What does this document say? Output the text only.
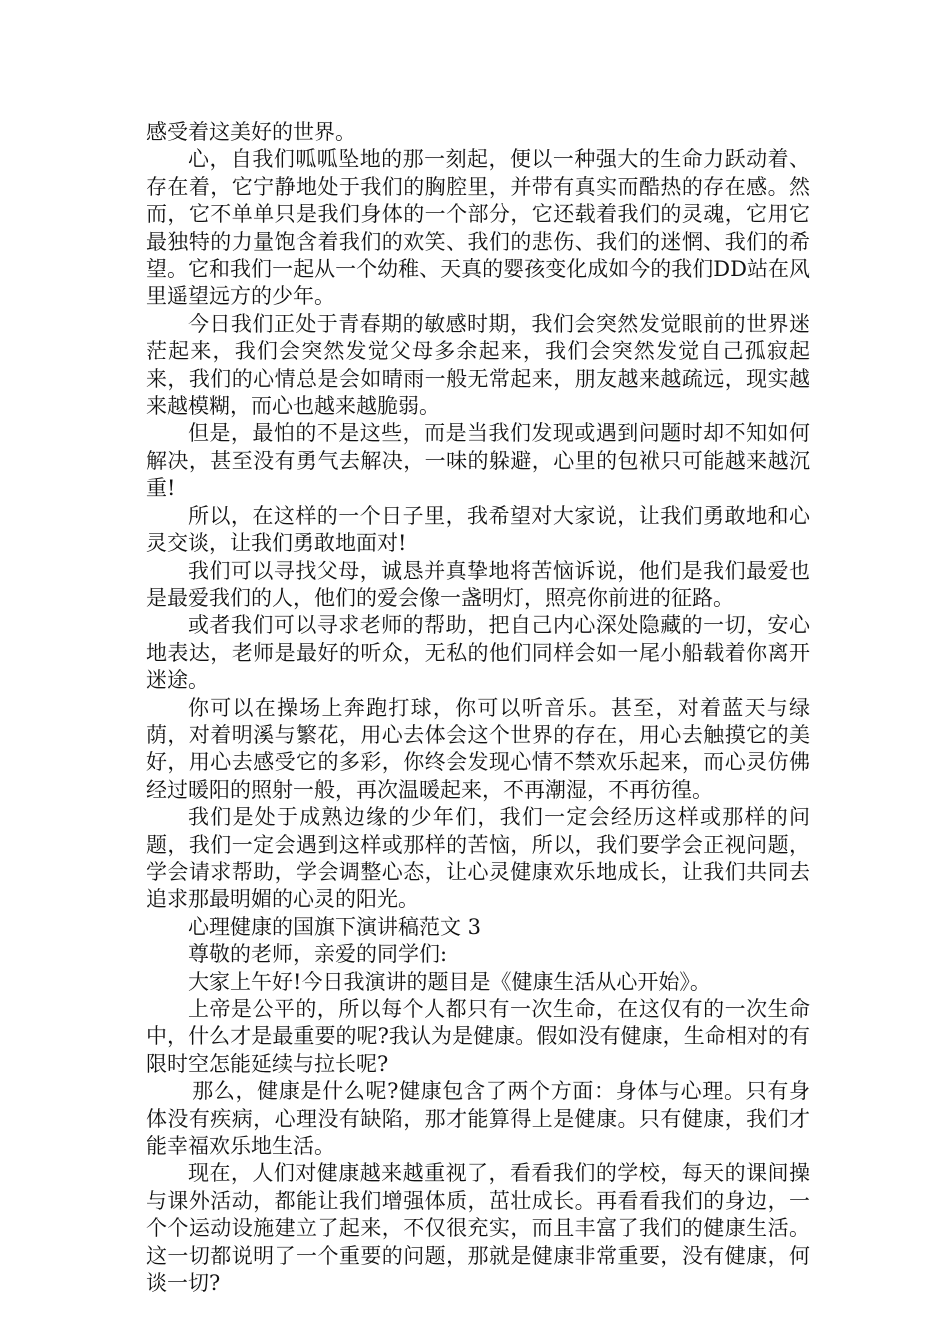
感受着这美好的世界。

心，自我们呱呱坠地的那一刻起，便以一种强大的生命力跃动着、存在着，它宁静地处于我们的胸腔里，并带有真实而酷热的存在感。然而，它不单单只是我们身体的一个部分，它还载着我们的灵魂，它用它最独特的力量饱含着我们的欢笑、我们的悲伤、我们的迷惘、我们的希望。它和我们一起从一个幼稚、天真的婴孩变化成如今的我们DD站在风里遥望远方的少年。

今日我们正处于青春期的敏感时期，我们会突然发觉眼前的世界迷茫起来，我们会突然发觉父母多余起来，我们会突然发觉自己孤寂起来，我们的心情总是会如晴雨一般无常起来，朋友越来越疏远，现实越来越模糊，而心也越来越脆弱。

但是，最怕的不是这些，而是当我们发现或遇到问题时却不知如何解决，甚至没有勇气去解决，一味的躲避，心里的包袱只可能越来越沉重!

所以，在这样的一个日子里，我希望对大家说，让我们勇敢地和心灵交谈，让我们勇敢地面对!

我们可以寻找父母，诚恳并真挚地将苦恼诉说，他们是我们最爱也是最爱我们的人，他们的爱会像一盏明灯，照亮你前进的征路。

或者我们可以寻求老师的帮助，把自己内心深处隐藏的一切，安心地表达，老师是最好的听众，无私的他们同样会如一尾小船载着你离开迷途。

你可以在操场上奔跑打球，你可以听音乐。甚至，对着蓝天与绿荫，对着明溪与繁花，用心去体会这个世界的存在，用心去触摸它的美好，用心去感受它的多彩，你终会发现心情不禁欢乐起来，而心灵仿佛经过暖阳的照射一般，再次温暖起来，不再潮湿，不再彷徨。

我们是处于成熟边缘的少年们，我们一定会经历这样或那样的问题，我们一定会遇到这样或那样的苦恼，所以，我们要学会正视问题，学会请求帮助，学会调整心态，让心灵健康欢乐地成长，让我们共同去追求那最明媚的心灵的阳光。

心理健康的国旗下演讲稿范文 3

尊敬的老师，亲爱的同学们:

大家上午好!今日我演讲的题目是《健康生活从心开始》。

上帝是公平的，所以每个人都只有一次生命，在这仅有的一次生命中，什么才是最重要的呢?我认为是健康。假如没有健康，生命相对的有限时空怎能延续与拉长呢?

那么，健康是什么呢?健康包含了两个方面：身体与心理。只有身体没有疾病，心理没有缺陷，那才能算得上是健康。只有健康，我们才能幸福欢乐地生活。

现在，人们对健康越来越重视了，看看我们的学校，每天的课间操与课外活动，都能让我们增强体质，茁壮成长。再看看我们的身边，一个个运动设施建立了起来，不仅很充实，而且丰富了我们的健康生活。这一切都说明了一个重要的问题，那就是健康非常重要，没有健康，何谈一切?
